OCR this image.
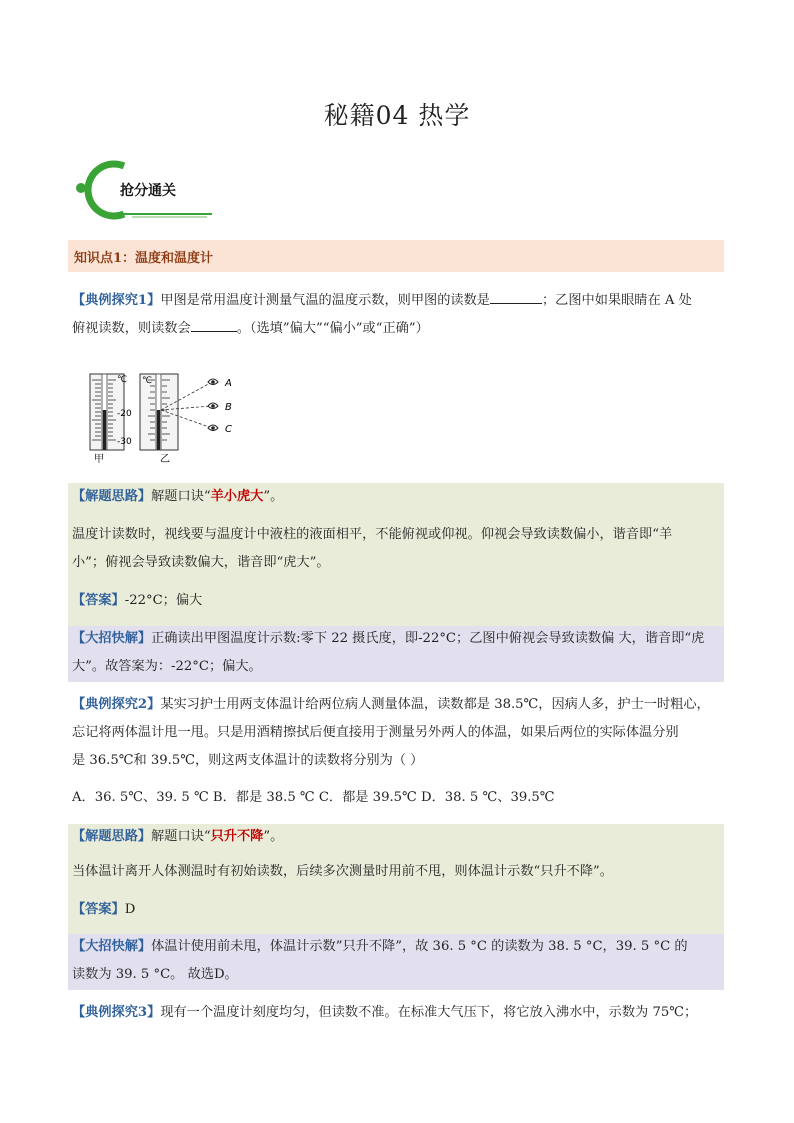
秘籍04 热学
抢分通关
知识点1：温度和温度计
【典例探究1】甲图是常用温度计测量气温的温度示数，则甲图的读数是	；乙图中如果眼睛在 A 处
俯视读数，则读数会	。（选填”偏大”“偏小”或“正确”）
℃
-20
-30
甲
℃
乙
A
B
C
【解题思路】解题口诀“羊小虎大”。
温度计读数时，视线要与温度计中液柱的液面相平，不能俯视或仰视。仰视会导致读数偏小，谐音即“羊
小”；俯视会导致读数偏大，谐音即“虎大”。
【答案】-22°C；偏大
【大招快解】正确读出甲图温度计示数:零下 22 摄氏度，即-22°C；乙图中俯视会导致读数偏 大，谐音即“虎
大”。故答案为：-22°C；偏大。
【典例探究2】某实习护士用两支体温计给两位病人测量体温，读数都是 38.5℃，因病人多，护士一时粗心，
忘记将两体温计甩一甩。只是用酒精擦拭后便直接用于测量另外两人的体温，如果后两位的实际体温分别
是 36.5℃和 39.5℃，则这两支体温计的读数将分别为（ ）
A．36. 5℃、39. 5 ℃ B．都是 38.5 ℃ C．都是 39.5℃ D．38. 5 ℃、39.5℃
【解题思路】解题口诀“只升不降”。
当体温计离开人体测温时有初始读数，后续多次测量时用前不甩，则体温计示数“只升不降”。
【答案】D
【大招快解】体温计使用前未甩，体温计示数”只升不降”，故 36. 5 °C 的读数为 38. 5 °C，39. 5 °C 的
读数为 39. 5 °C。 故选D。
【典例探究3】现有一个温度计刻度均匀，但读数不准。在标准大气压下，将它放入沸水中，示数为 75℃；
